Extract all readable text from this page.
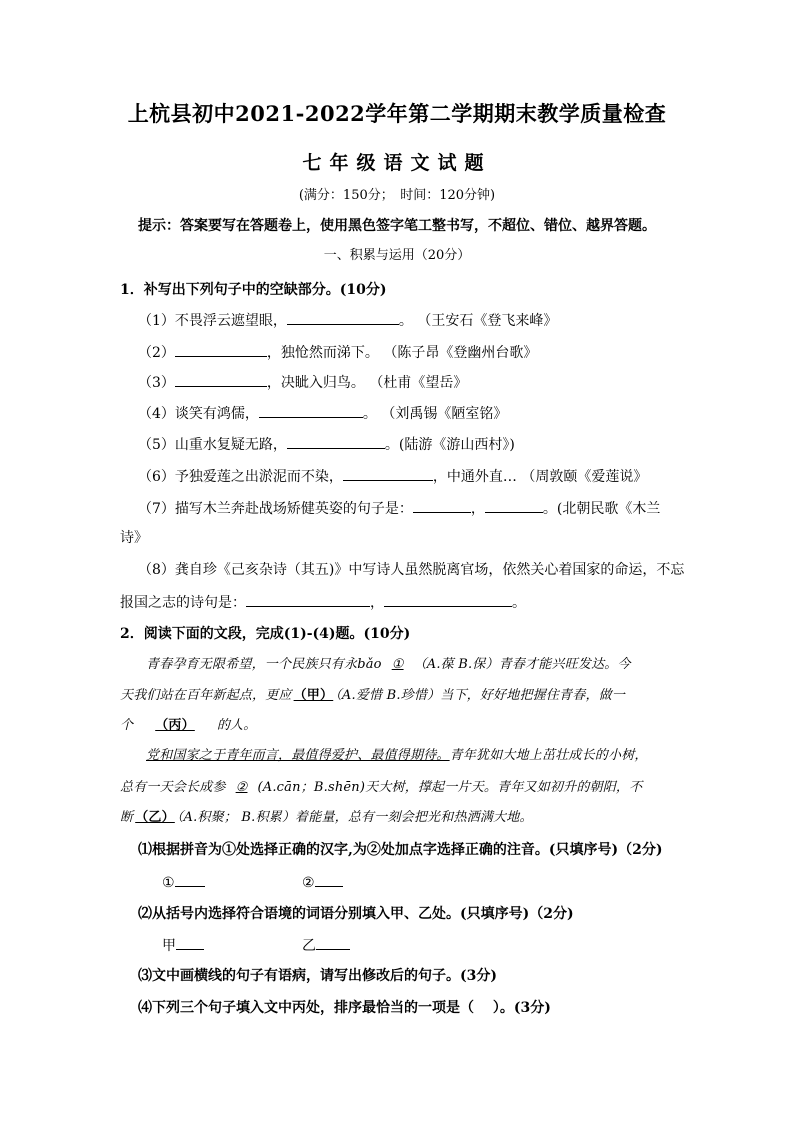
上杭县初中2021-2022学年第二学期期末教学质量检查
七年级语文试题
(满分：150分；　时间：120分钟)
提示：答案要写在答题卷上，使用黑色签字笔工整书写，不超位、错位、越界答题。
一、积累与运用（20分）
1．补写出下列句子中的空缺部分。(10分)
（1）不畏浮云遮望眼，	。 （王安石《登飞来峰》
（2）	，独怆然而涕下。 （陈子昂《登幽州台歌》
（3）	，决眦入归鸟。 （杜甫《望岳》
（4）谈笑有鸿儒，	。 （刘禹锡《陋室铭》
（5）山重水复疑无路，	。(陆游《游山西村》)
（6）予独爱莲之出淤泥而不染，	，中通外直… （周敦颐《爱莲说》
（7）描写木兰奔赴战场矫健英姿的句子是：	，	。(北朝民歌《木兰
诗》
（8）龚自珍《己亥杂诗（其五)》中写诗人虽然脱离官场，依然关心着国家的命运，不忘
报国之志的诗句是：	，	。
2．阅读下面的文段，完成(1)-(4)题。(10分)
青春孕育无限希望，一个民族只有永bǎo ① （A.葆 B.保）青春才能兴旺发达。今
天我们站在百年新起点，更应 （甲） （A.爱惜 B.珍惜）当下，好好地把握住青春，做一
个 （丙） 的人。
党和国家之于青年而言，最值得爱护、最值得期待。青年犹如大地上茁壮成长的小树，
总有一天会长成参 ② (A.cān；B.shēn)天大树，撑起一片天。青年又如初升的朝阳，不
断 （乙） （A.积聚； B.积累）着能量，总有一刻会把光和热洒满大地。
⑴根据拼音为①处选择正确的汉字,为②处加点字选择正确的注音。(只填序号)（2分)
①	②
⑵从括号内选择符合语境的词语分别填入甲、乙处。(只填序号)（2分)
甲	乙
⑶文中画横线的句子有语病，请写出修改后的句子。(3分)
⑷下列三个句子填入文中丙处，排序最恰当的一项是（　 ）。(3分)
